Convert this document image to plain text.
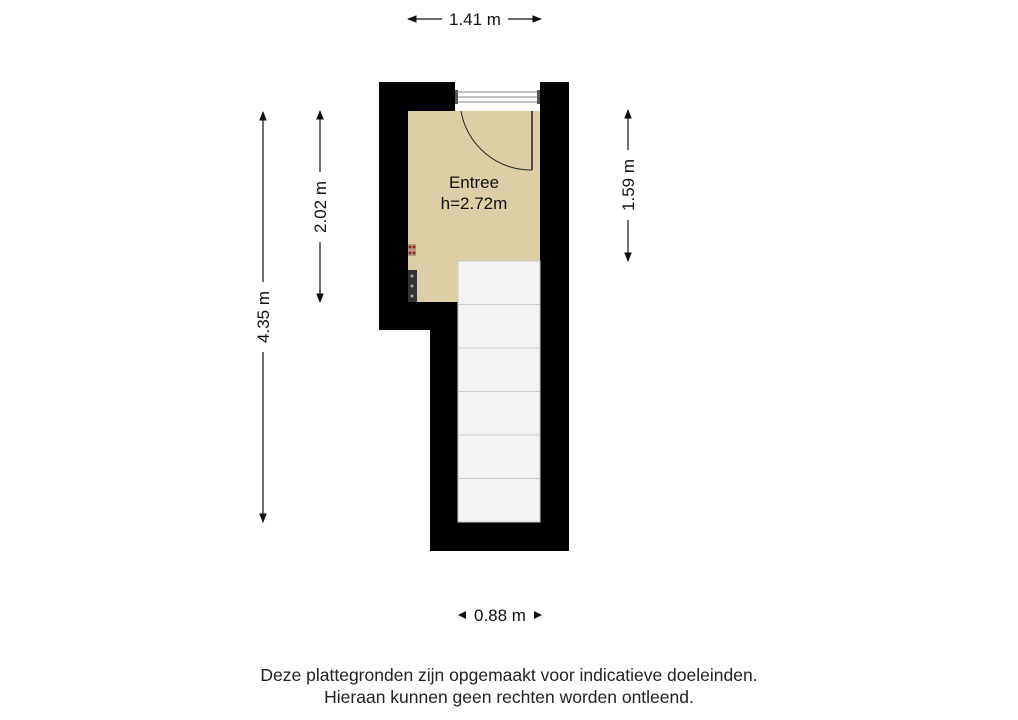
Entree
h=2.72m
1.41 m
0.88 m
4.35 m
2.02 m	1.59 m
Deze plattegronden zijn opgemaakt voor indicatieve doeleinden.
Hieraan kunnen geen rechten worden ontleend.
